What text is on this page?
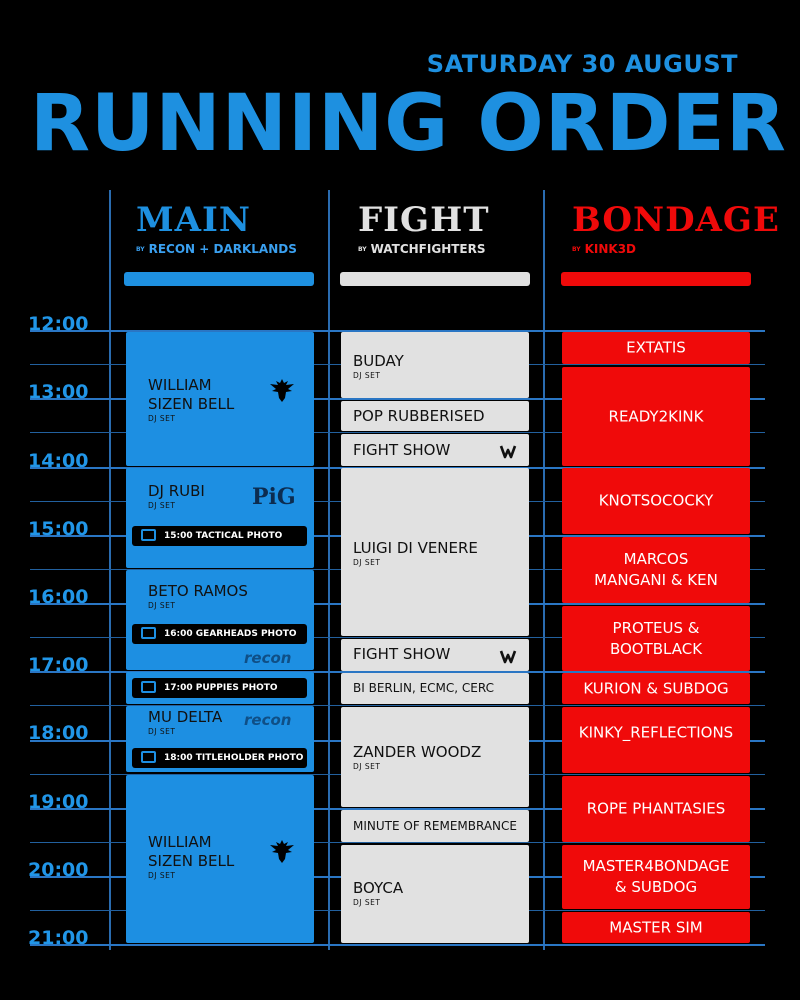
SATURDAY 30 AUGUST
RUNNING ORDER
12:00
13:00
14:00
15:00
16:00
17:00
18:00
19:00
20:00
21:00
MAIN
BY RECON + DARKLANDS
FIGHT
BY WATCHFIGHTERS
BONDAGE
BY KINK3D
WILLIAM
SIZEN BELL
DJ SET
DJ RUBI
DJ SET	PiG
15:00 TACTICAL PHOTO
BETO RAMOS
DJ SET
16:00 GEARHEADS PHOTO
recon
17:00 PUPPIES PHOTO
MU DELTA
DJ SET
recon
18:00 TITLEHOLDER PHOTO
WILLIAM
SIZEN BELL
DJ SET
BUDAY
DJ SET
POP RUBBERISED
FIGHT SHOW
LUIGI DI VENERE
DJ SET
FIGHT SHOW
BI BERLIN, ECMC, CERC
ZANDER WOODZ
DJ SET
MINUTE OF REMEMBRANCE
BOYCA
DJ SET
EXTATIS
READY2KINK
KNOTSOCOCKY
MARCOS
MANGANI & KEN
PROTEUS &
BOOTBLACK
KURION & SUBDOG
KINKY_REFLECTIONS
ROPE PHANTASIES
MASTER4BONDAGE
& SUBDOG
MASTER SIM
